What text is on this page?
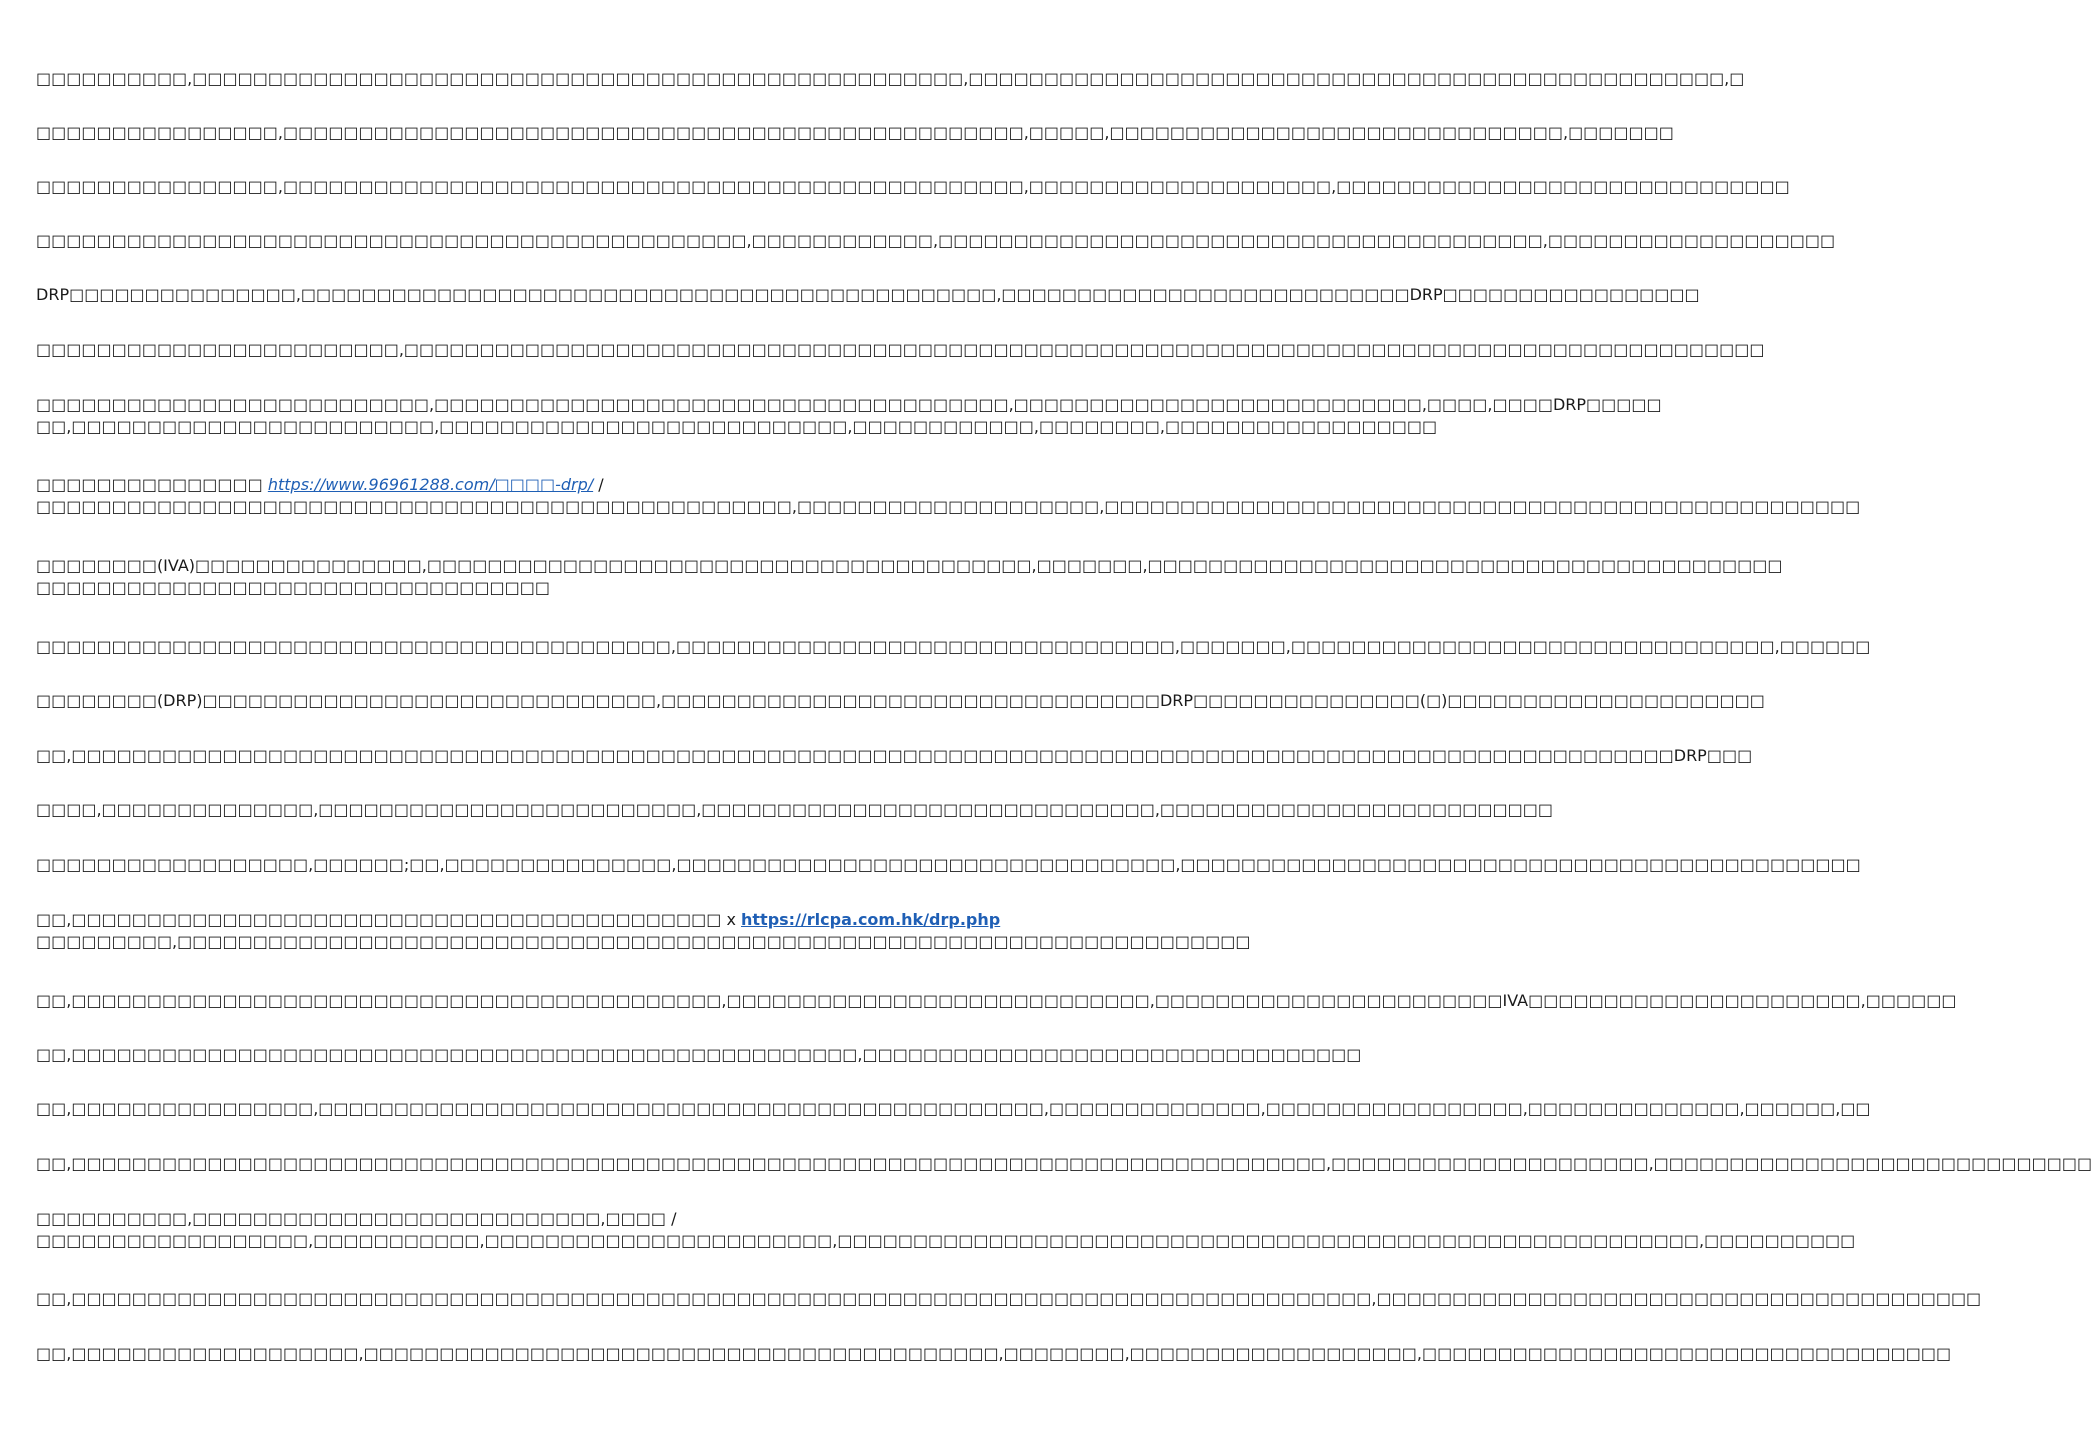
□□□□□□□□□□,□□□□□□□□□□□□□□□□□□□□□□□□□□□□□□□□□□□□□□□□□□□□□□□□□□□,□□□□□□□□□□□□□□□□□□□□□□□□□□□□□□□□□□□□□□□□□□□□□□□□□□,□

□□□□□□□□□□□□□□□□,□□□□□□□□□□□□□□□□□□□□□□□□□□□□□□□□□□□□□□□□□□□□□□□□□,□□□□□,□□□□□□□□□□□□□□□□□□□□□□□□□□□□□□,□□□□□□□

□□□□□□□□□□□□□□□□,□□□□□□□□□□□□□□□□□□□□□□□□□□□□□□□□□□□□□□□□□□□□□□□□□,□□□□□□□□□□□□□□□□□□□□,□□□□□□□□□□□□□□□□□□□□□□□□□□□□□□

□□□□□□□□□□□□□□□□□□□□□□□□□□□□□□□□□□□□□□□□□□□□□□□,□□□□□□□□□□□□,□□□□□□□□□□□□□□□□□□□□□□□□□□□□□□□□□□□□□□□□,□□□□□□□□□□□□□□□□□□□

DRP□□□□□□□□□□□□□□□,□□□□□□□□□□□□□□□□□□□□□□□□□□□□□□□□□□□□□□□□□□□□□□,□□□□□□□□□□□□□□□□□□□□□□□□□□□DRP□□□□□□□□□□□□□□□□□

□□□□□□□□□□□□□□□□□□□□□□□□,□□□□□□□□□□□□□□□□□□□□□□□□□□□□□□□□□□□□□□□□□□□□□□□□□□□□□□□□□□□□□□□□□□□□□□□□□□□□□□□□□□□□□□□□□□

□□□□□□□□□□□□□□□□□□□□□□□□□□,□□□□□□□□□□□□□□□□□□□□□□□□□□□□□□□□□□□□□□,□□□□□□□□□□□□□□□□□□□□□□□□□□□,□□□□,□□□□DRP□□□□□
□□,□□□□□□□□□□□□□□□□□□□□□□□□,□□□□□□□□□□□□□□□□□□□□□□□□□□□,□□□□□□□□□□□□,□□□□□□□□,□□□□□□□□□□□□□□□□□□

□□□□□□□□□□□□□□□ https://www.96961288.com/□□□□-drp/ /
□□□□□□□□□□□□□□□□□□□□□□□□□□□□□□□□□□□□□□□□□□□□□□□□□□,□□□□□□□□□□□□□□□□□□□□,□□□□□□□□□□□□□□□□□□□□□□□□□□□□□□□□□□□□□□□□□□□□□□□□□□

□□□□□□□□(IVA)□□□□□□□□□□□□□□□,□□□□□□□□□□□□□□□□□□□□□□□□□□□□□□□□□□□□□□□□,□□□□□□□,□□□□□□□□□□□□□□□□□□□□□□□□□□□□□□□□□□□□□□□□□□
□□□□□□□□□□□□□□□□□□□□□□□□□□□□□□□□□□

□□□□□□□□□□□□□□□□□□□□□□□□□□□□□□□□□□□□□□□□□□,□□□□□□□□□□□□□□□□□□□□□□□□□□□□□□□□□,□□□□□□□,□□□□□□□□□□□□□□□□□□□□□□□□□□□□□□□□,□□□□□□

□□□□□□□□(DRP)□□□□□□□□□□□□□□□□□□□□□□□□□□□□□□,□□□□□□□□□□□□□□□□□□□□□□□□□□□□□□□□□DRP□□□□□□□□□□□□□□□(□)□□□□□□□□□□□□□□□□□□□□□

□□,□□□□□□□□□□□□□□□□□□□□□□□□□□□□□□□□□□□□□□□□□□□□□□□□□□□□□□□□□□□□□□□□□□□□□□□□□□□□□□□□□□□□□□□□□□□□□□□□□□□□□□□□□□DRP□□□

□□□□,□□□□□□□□□□□□□□,□□□□□□□□□□□□□□□□□□□□□□□□□,□□□□□□□□□□□□□□□□□□□□□□□□□□□□□□,□□□□□□□□□□□□□□□□□□□□□□□□□□

□□□□□□□□□□□□□□□□□□,□□□□□□;□□,□□□□□□□□□□□□□□□,□□□□□□□□□□□□□□□□□□□□□□□□□□□□□□□□□,□□□□□□□□□□□□□□□□□□□□□□□□□□□□□□□□□□□□□□□□□□□□□

□□,□□□□□□□□□□□□□□□□□□□□□□□□□□□□□□□□□□□□□□□□□□□ x https://rlcpa.com.hk/drp.php
□□□□□□□□□,□□□□□□□□□□□□□□□□□□□□□□□□□□□□□□□□□□□□□□□□□□□□□□□□□□□□□□□□□□□□□□□□□□□□□□□

□□,□□□□□□□□□□□□□□□□□□□□□□□□□□□□□□□□□□□□□□□□□□□,□□□□□□□□□□□□□□□□□□□□□□□□□□□□,□□□□□□□□□□□□□□□□□□□□□□□IVA□□□□□□□□□□□□□□□□□□□□□□,□□□□□□

□□,□□□□□□□□□□□□□□□□□□□□□□□□□□□□□□□□□□□□□□□□□□□□□□□□□□□□,□□□□□□□□□□□□□□□□□□□□□□□□□□□□□□□□□

□□,□□□□□□□□□□□□□□□□,□□□□□□□□□□□□□□□□□□□□□□□□□□□□□□□□□□□□□□□□□□□□□□□□,□□□□□□□□□□□□□□,□□□□□□□□□□□□□□□□□,□□□□□□□□□□□□□□,□□□□□□,□□

□□,□□□□□□□□□□□□□□□□□□□□□□□□□□□□□□□□□□□□□□□□□□□□□□□□□□□□□□□□□□□□□□□□□□□□□□□□□□□□□□□□□□□,□□□□□□□□□□□□□□□□□□□□□,□□□□□□□□□□□□□□□□□□□□□□□□□□□□□

□□□□□□□□□□,□□□□□□□□□□□□□□□□□□□□□□□□□□□,□□□□ /
□□□□□□□□□□□□□□□□□□,□□□□□□□□□□□,□□□□□□□□□□□□□□□□□□□□□□□,□□□□□□□□□□□□□□□□□□□□□□□□□□□□□□□□□□□□□□□□□□□□□□□□□□□□□□□□□,□□□□□□□□□□

□□,□□□□□□□□□□□□□□□□□□□□□□□□□□□□□□□□□□□□□□□□□□□□□□□□□□□□□□□□□□□□□□□□□□□□□□□□□□□□□□□□□□□□□□,□□□□□□□□□□□□□□□□□□□□□□□□□□□□□□□□□□□□□□□□

□□,□□□□□□□□□□□□□□□□□□□,□□□□□□□□□□□□□□□□□□□□□□□□□□□□□□□□□□□□□□□□□□,□□□□□□□□,□□□□□□□□□□□□□□□□□□□,□□□□□□□□□□□□□□□□□□□□□□□□□□□□□□□□□□□
